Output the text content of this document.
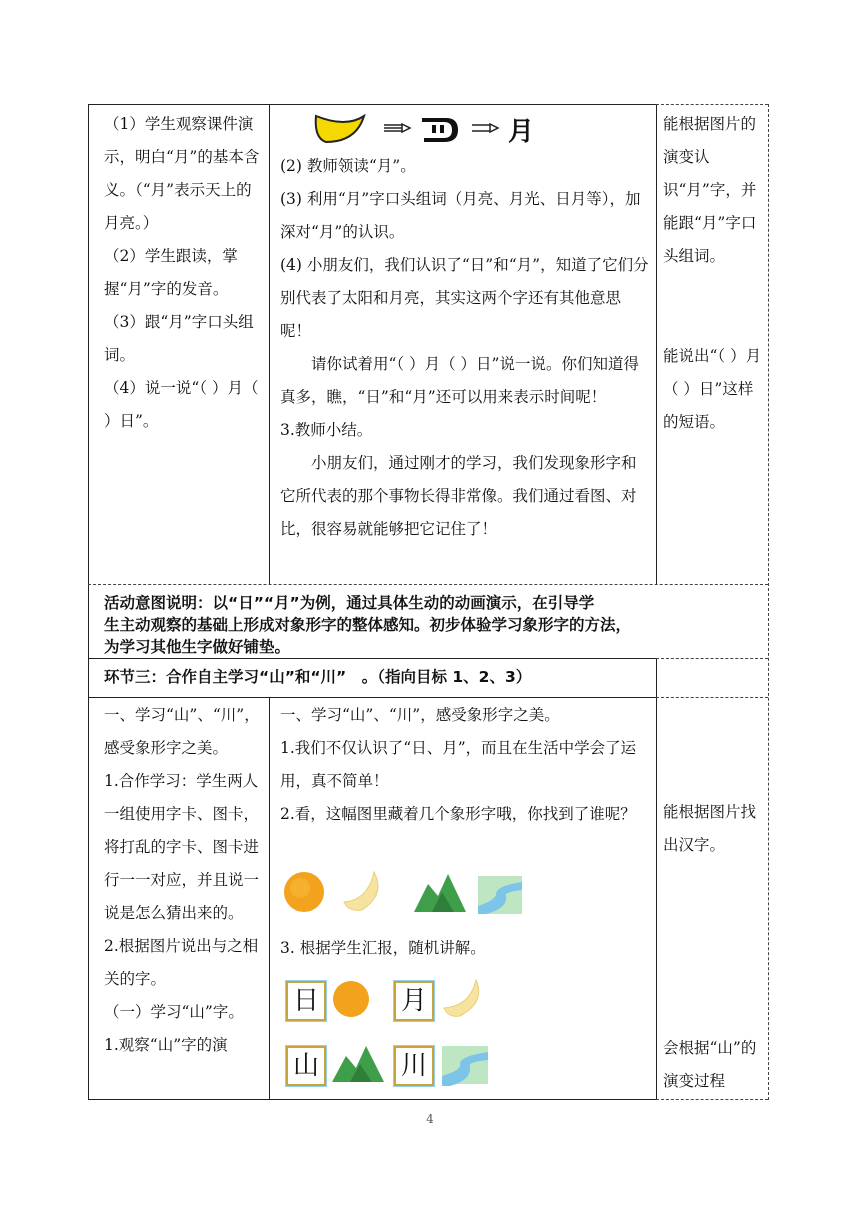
（1）学生观察课件演示，明白“月”的基本含义。（“月”表示天上的月亮。）

（2）学生跟读，掌握“月”字的发音。

（3）跟“月”字口头组词。

（4）说一说“（ ）月（ ）日”。

月

(2) 教师领读“月”。

(3) 利用“月”字口头组词（月亮、月光、日月等），加深对“月”的认识。

(4) 小朋友们，我们认识了“日”和“月”，知道了它们分别代表了太阳和月亮，其实这两个字还有其他意思呢！

请你试着用“（ ）月（ ）日”说一说。你们知道得真多，瞧，“日”和“月”还可以用来表示时间呢！

3.教师小结。

小朋友们，通过刚才的学习，我们发现象形字和它所代表的那个事物长得非常像。我们通过看图、对比，很容易就能够把它记住了！

能根据图片的演变认识“月”字，并能跟“月”字口头组词。

能说出“（ ）月（ ）日”这样的短语。

活动意图说明：以“日”“月”为例，通过具体生动的动画演示，在引导学
生主动观察的基础上形成对象形字的整体感知。初步体验学习象形字的方法，
为学习其他生字做好铺垫。
环节三：合作自主学习“山”和“川”　。（指向目标 1、2、3）

一、学习“山”、“川”，感受象形字之美。

1.合作学习：学生两人一组使用字卡、图卡，将打乱的字卡、图卡进行一一对应，并且说一说是怎么猜出来的。

2.根据图片说出与之相关的字。

（一）学习“山”字。

1.观察“山”字的演

一、学习“山”、“川”，感受象形字之美。

1.我们不仅认识了“日、月”，而且在生活中学会了运用，真不简单！

2.看，这幅图里藏着几个象形字哦，你找到了谁呢？

3. 根据学生汇报，随机讲解。

日	月
山	川

能根据图片找出汉字。

会根据“山”的演变过程

4
